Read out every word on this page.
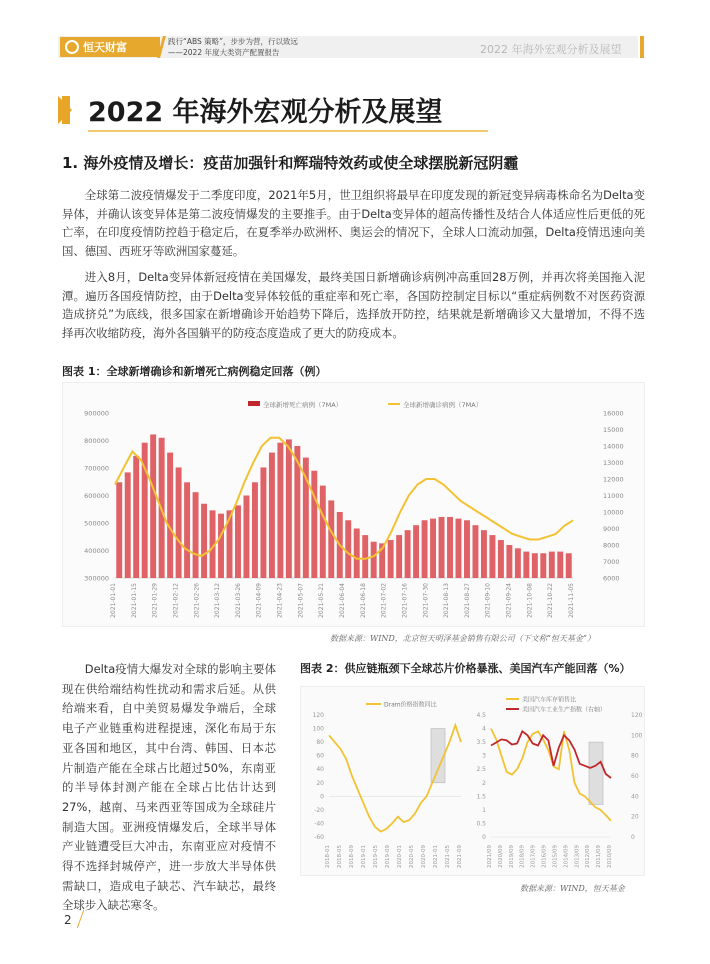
恒天财富	践行“ABS 策略”，步步为营，行以致远
——2022 年度大类资产配置报告	2022 年海外宏观分析及展望
2022 年海外宏观分析及展望
1. 海外疫情及增长：疫苗加强针和辉瑞特效药或使全球摆脱新冠阴霾
全球第二波疫情爆发于二季度印度，2021年5月，世卫组织将最早在印度发现的新冠变异病毒株命名为Delta变异体，并确认该变异体是第二波疫情爆发的主要推手。由于Delta变异体的超高传播性及结合人体适应性后更低的死亡率，在印度疫情防控趋于稳定后，在夏季举办欧洲杯、奥运会的情况下，全球人口流动加强，Delta疫情迅速向美国、德国、西班牙等欧洲国家蔓延。
进入8月，Delta变异体新冠疫情在美国爆发，最终美国日新增确诊病例冲高重回28万例，并再次将美国拖入泥潭。遍历各国疫情防控，由于Delta变异体较低的重症率和死亡率，各国防控制定目标以“重症病例数不对医药资源造成挤兑”为底线，很多国家在新增确诊开始趋势下降后，选择放开防控，结果就是新增确诊又大量增加，不得不选择再次收缩防疫，海外各国躺平的防疫态度造成了更大的防疫成本。
图表 1：全球新增确诊和新增死亡病例稳定回落（例）
全球新增死亡病例（7MA）	全球新增确诊病例（7MA）
900000
800000
700000
600000
500000
400000
300000
16000
15000
14000
13000
12000
11000
10000
9000
8000
7000
6000
2021-01-01 2021-01-15 2021-01-29 2021-02-12 2021-02-26 2021-03-12 2021-03-26 2021-04-09 2021-04-23 2021-05-07 2021-05-21 2021-06-04 2021-06-18 2021-07-02 2021-07-16 2021-07-30 2021-08-13 2021-08-27 2021-09-10 2021-09-24 2021-10-08 2021-10-22 2021-11-05
数据来源：WIND，北京恒天明泽基金销售有限公司（下文称“恒天基金”）
Delta疫情大爆发对全球的影响主要体现在供给端结构性扰动和需求后延。从供给端来看，自中美贸易爆发争端后，全球电子产业链重构进程提速，深化布局于东亚各国和地区，其中台湾、韩国、日本芯片制造产能在全球占比超过50%，东南亚的半导体封测产能在全球占比估计达到27%，越南、马来西亚等国成为全球硅片制造大国。亚洲疫情爆发后，全球半导体产业链遭受巨大冲击，东南亚应对疫情不得不选择封城停产，进一步放大半导体供需缺口，造成电子缺芯、汽车缺芯，最终全球步入缺芯寒冬。
图表 2：供应链瓶颈下全球芯片价格暴涨、美国汽车产能回落（%）
Dram价格指数同比
120
100
80
60
40
20
0
-20
-40
-60
2018-01 2018-05 2018-09 2019-01 2019-05 2019-09 2020-01 2020-05 2020-09 2021-01 2021-05 2021-09
美国汽车库存销售比
美国汽车工业生产指数（右轴）
4.5
4
3.5
3
2.5
2
1.5
1
0.5
0
120
100
80
60
40
20
0
2021/09 2020/09 2019/09 2018/09 2017/09 2016/09 2015/09 2014/09 2013/09 2012/09 2011/09 2010/09
数据来源：WIND，恒天基金
2
